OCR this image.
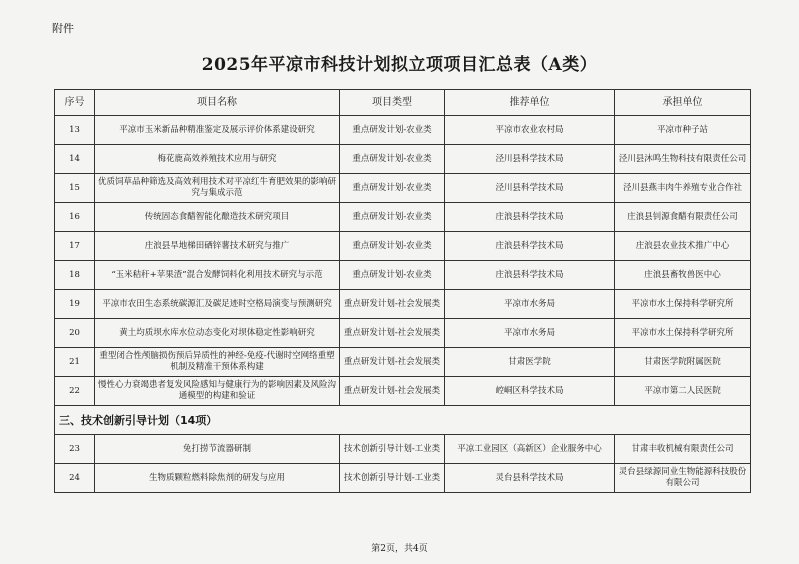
附件
2025年平凉市科技计划拟立项项目汇总表（A类）
序号	项目名称	项目类型	推荐单位	承担单位
13	平凉市玉米新品种精准鉴定及展示评价体系建设研究	重点研发计划-农业类	平凉市农业农村局	平凉市种子站
14	梅花鹿高效养殖技术应用与研究	重点研发计划-农业类	泾川县科学技术局	泾川县沐鸣生物科技有限责任公司
15	优质饲草品种筛选及高效利用技术对平凉红牛育肥效果的影响研究与集成示范	重点研发计划-农业类	泾川县科学技术局	泾川县燕丰肉牛养殖专业合作社
16	传统固态食醋智能化酿造技术研究项目	重点研发计划-农业类	庄浪县科学技术局	庄浪县钊源食醋有限责任公司
17	庄浪县旱地梯田硒锌薯技术研究与推广	重点研发计划-农业类	庄浪县科学技术局	庄浪县农业技术推广中心
18	“玉米秸秆+苹果渣”混合发酵饲料化利用技术研究与示范	重点研发计划-农业类	庄浪县科学技术局	庄浪县畜牧兽医中心
19	平凉市农田生态系统碳源汇及碳足迹时空格局演变与预测研究	重点研发计划-社会发展类	平凉市水务局	平凉市水土保持科学研究所
20	黄土均质坝水库水位动态变化对坝体稳定性影响研究	重点研发计划-社会发展类	平凉市水务局	平凉市水土保持科学研究所
21	重型闭合性颅脑损伤预后异质性的神经-免疫-代谢时空网络重塑机制及精准干预体系构建	重点研发计划-社会发展类	甘肃医学院	甘肃医学院附属医院
22	慢性心力衰竭患者复发风险感知与健康行为的影响因素及风险沟通模型的构建和验证	重点研发计划-社会发展类	崆峒区科学技术局	平凉市第二人民医院
三、技术创新引导计划（14项）				
23	免打捞节流器研制	技术创新引导计划-工业类	平凉工业园区（高新区）企业服务中心	甘肃丰收机械有限责任公司
24	生物质颗粒燃料除焦剂的研发与应用	技术创新引导计划-工业类	灵台县科学技术局	灵台县绿源同业生物能源科技股份有限公司
第2页，共4页
